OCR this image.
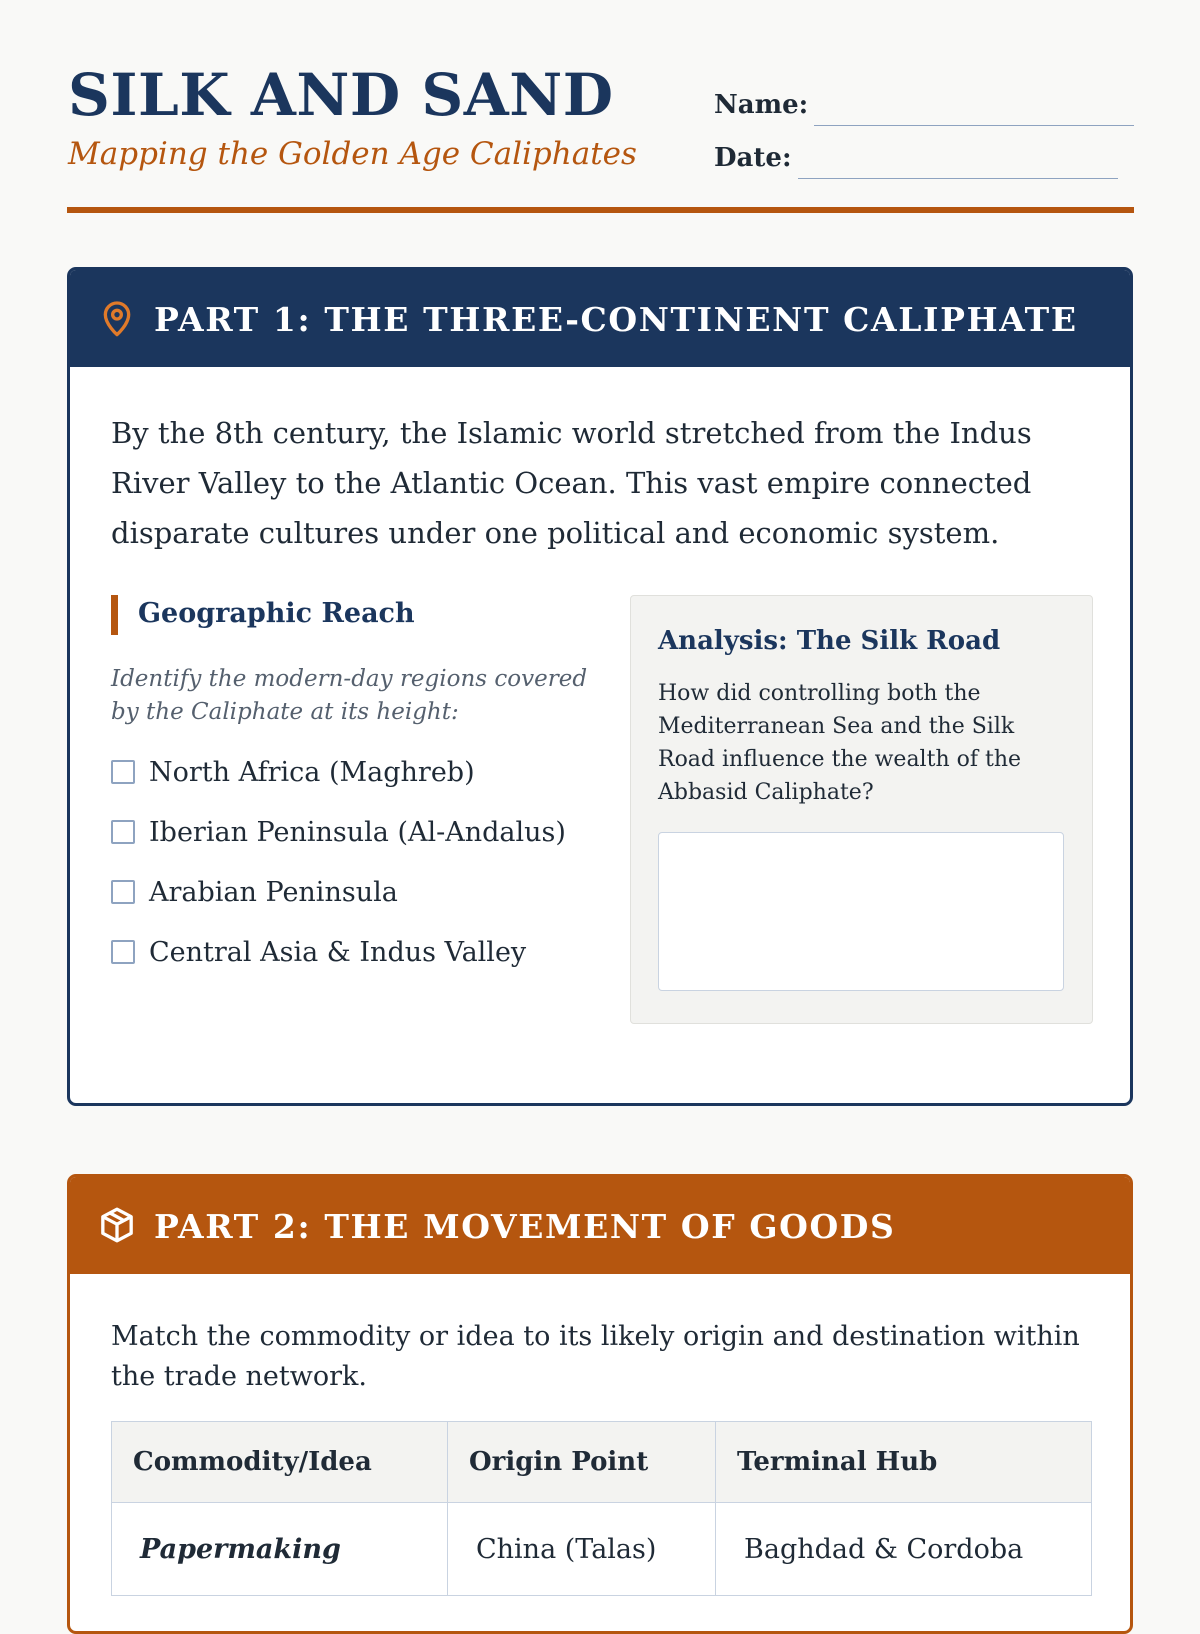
SILK AND SAND
Mapping the Golden Age Caliphates
Name:
Date:
PART 1: THE THREE-CONTINENT CALIPHATE
By the 8th century, the Islamic world stretched from the Indus River Valley to the Atlantic Ocean. This vast empire connected disparate cultures under one political and economic system.
Geographic Reach
Identify the modern-day regions covered by the Caliphate at its height:
North Africa (Maghreb)
Iberian Peninsula (Al-Andalus)
Arabian Peninsula
Central Asia & Indus Valley
Analysis: The Silk Road
How did controlling both the Mediterranean Sea and the Silk Road influence the wealth of the Abbasid Caliphate?
PART 2: THE MOVEMENT OF GOODS
Match the commodity or idea to its likely origin and destination within the trade network.
Commodity/Idea	Origin Point	Terminal Hub
Papermaking	China (Talas)	Baghdad & Cordoba
